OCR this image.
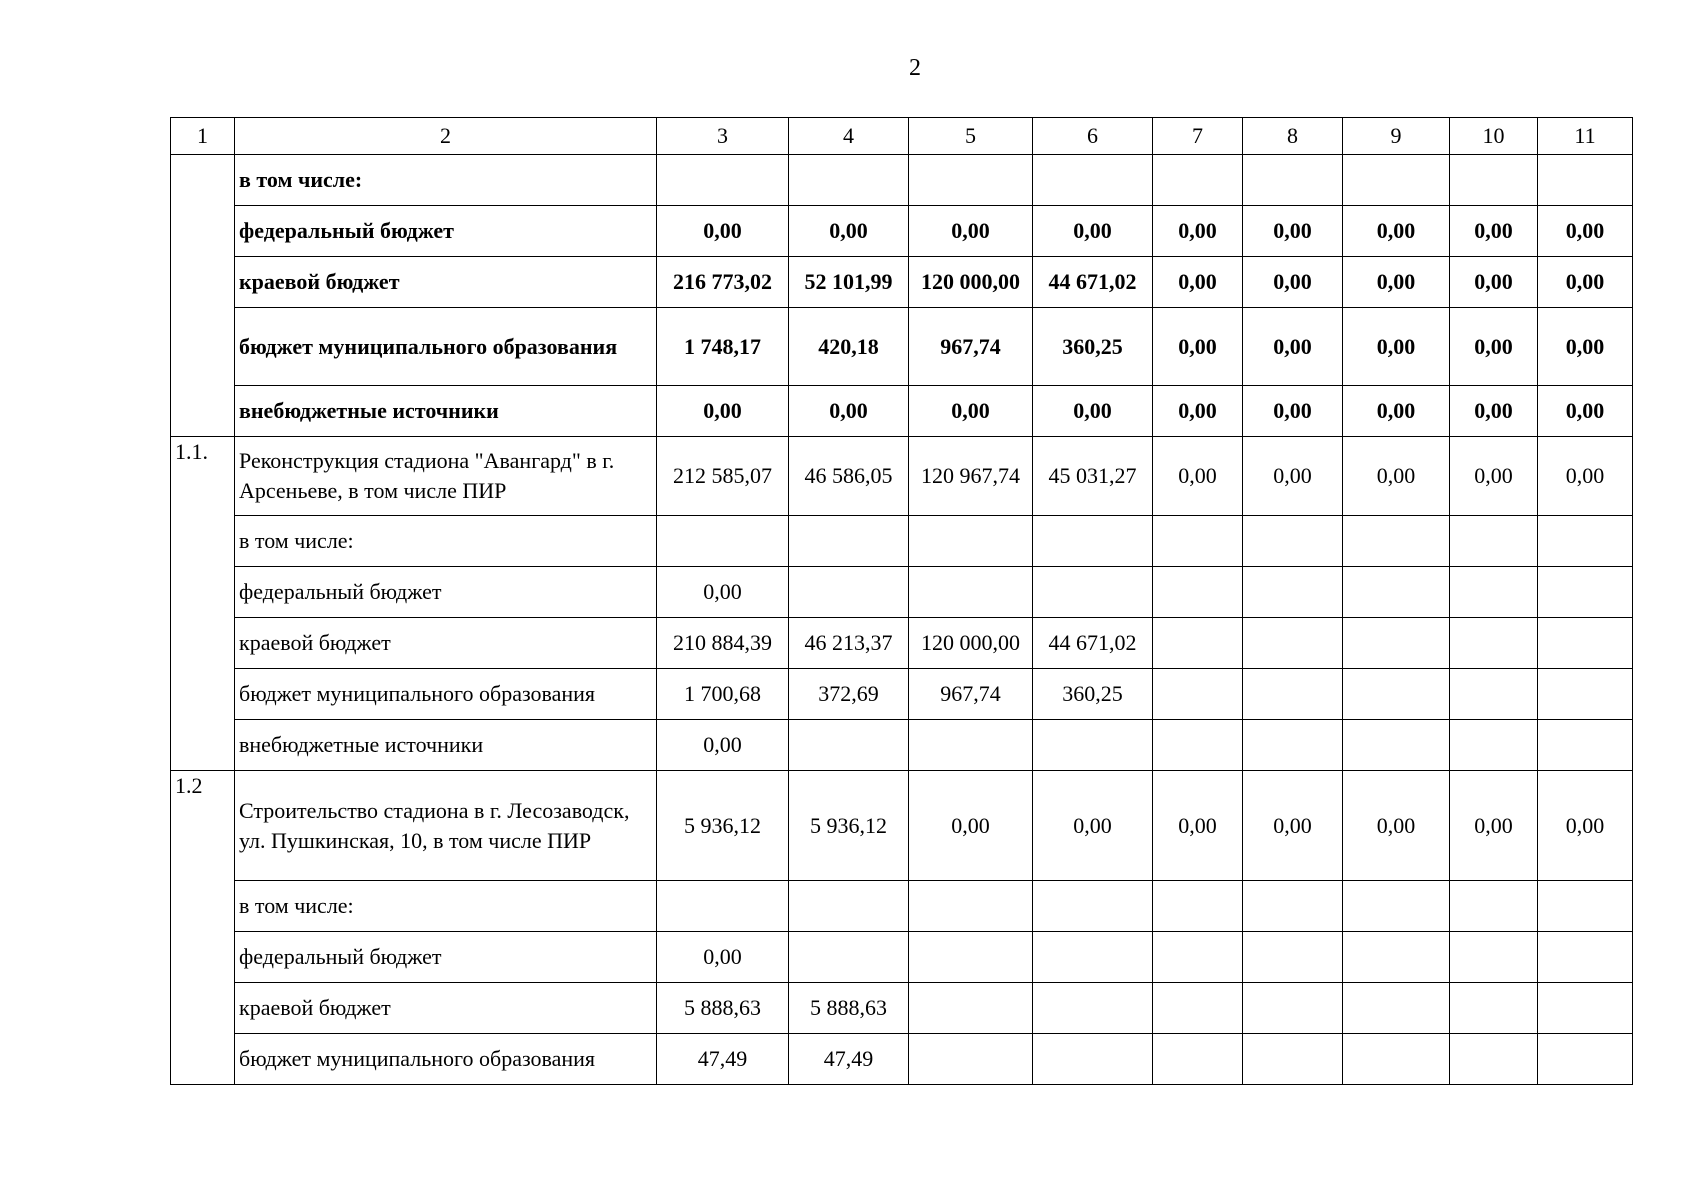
2
1	2	3	4	5	6	7	8	9	10	11
	в том числе:									
	федеральный бюджет	0,00	0,00	0,00	0,00	0,00	0,00	0,00	0,00	0,00
	краевой бюджет	216 773,02	52 101,99	120 000,00	44 671,02	0,00	0,00	0,00	0,00	0,00
	бюджет муниципального образования	1 748,17	420,18	967,74	360,25	0,00	0,00	0,00	0,00	0,00
	внебюджетные источники	0,00	0,00	0,00	0,00	0,00	0,00	0,00	0,00	0,00
1.1.	Реконструкция стадиона "Авангард" в г. Арсеньеве, в том числе ПИР	212 585,07	46 586,05	120 967,74	45 031,27	0,00	0,00	0,00	0,00	0,00
	в том числе:									
	федеральный бюджет	0,00								
	краевой бюджет	210 884,39	46 213,37	120 000,00	44 671,02					
	бюджет муниципального образования	1 700,68	372,69	967,74	360,25					
	внебюджетные источники	0,00								
1.2	Строительство стадиона в г. Лесозаводск, ул. Пушкинская, 10, в том числе ПИР	5 936,12	5 936,12	0,00	0,00	0,00	0,00	0,00	0,00	0,00
	в том числе:									
	федеральный бюджет	0,00								
	краевой бюджет	5 888,63	5 888,63							
	бюджет муниципального образования	47,49	47,49							
